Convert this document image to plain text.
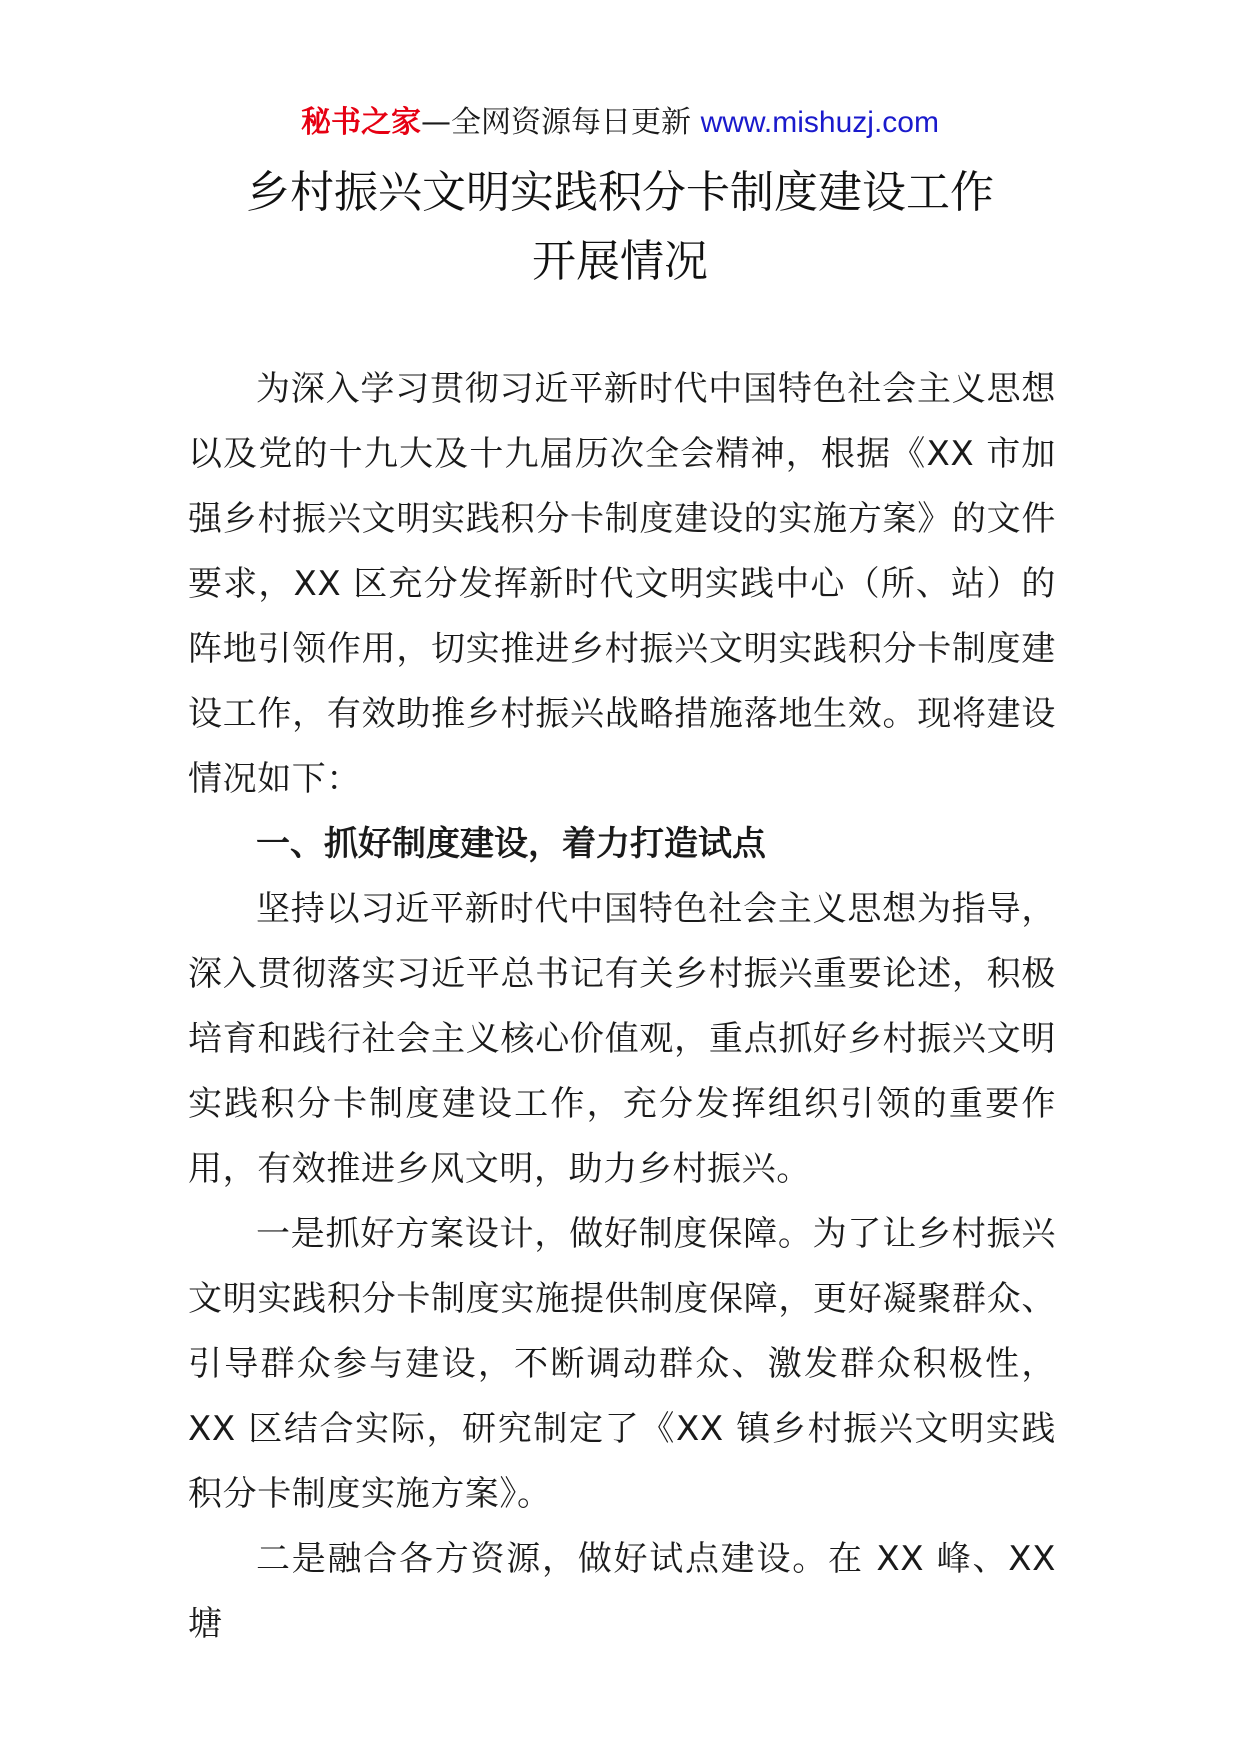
秘书之家—全网资源每日更新 www.mishuzj.com
乡村振兴文明实践积分卡制度建设工作
开展情况

为深入学习贯彻习近平新时代中国特色社会主义思想以及党的十九大及十九届历次全会精神，根据《XX 市加强乡村振兴文明实践积分卡制度建设的实施方案》的文件要求，XX 区充分发挥新时代文明实践中心（所、站）的阵地引领作用，切实推进乡村振兴文明实践积分卡制度建设工作，有效助推乡村振兴战略措施落地生效。现将建设情况如下：

一、抓好制度建设，着力打造试点

坚持以习近平新时代中国特色社会主义思想为指导，深入贯彻落实习近平总书记有关乡村振兴重要论述，积极培育和践行社会主义核心价值观，重点抓好乡村振兴文明实践积分卡制度建设工作，充分发挥组织引领的重要作用，有效推进乡风文明，助力乡村振兴。

一是抓好方案设计，做好制度保障。为了让乡村振兴文明实践积分卡制度实施提供制度保障，更好凝聚群众、引导群众参与建设，不断调动群众、激发群众积极性，XX 区结合实际，研究制定了《XX 镇乡村振兴文明实践积分卡制度实施方案》。

二是融合各方资源，做好试点建设。在 XX 峰、XX 塘
